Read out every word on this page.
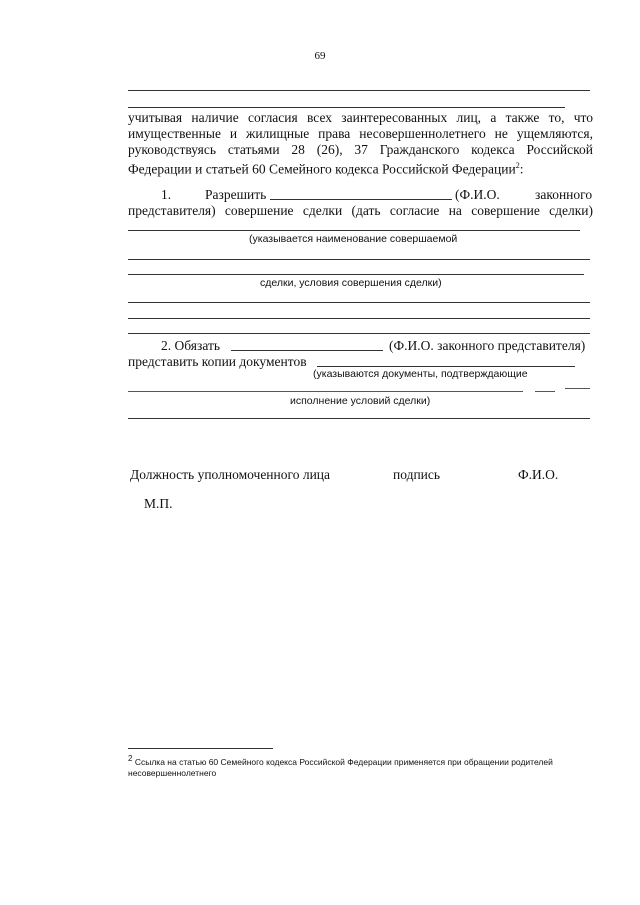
69
учитывая наличие согласия всех заинтересованных лиц, а также то, что
имущественные и жилищные права несовершеннолетнего не ущемляются,
руководствуясь статьями 28 (26), 37 Гражданского кодекса Российской
Федерации и статьей 60 Семейного кодекса Российской Федерации$^2$:
1.	Разрешить	(Ф.И.О.	законного
представителя) совершение сделки (дать согласие на совершение сделки)
(указывается наименование совершаемой
сделки, условия совершения сделки)
2. Обязать	(Ф.И.О. законного представителя)
представить копии документов
(указываются документы, подтверждающие
исполнение условий сделки)
Должность уполномоченного лица	подпись	Ф.И.О.
М.П.
$^2$ Ссылка на статью 60 Семейного кодекса Российской Федерации применяется при обращении родителей
несовершеннолетнего
